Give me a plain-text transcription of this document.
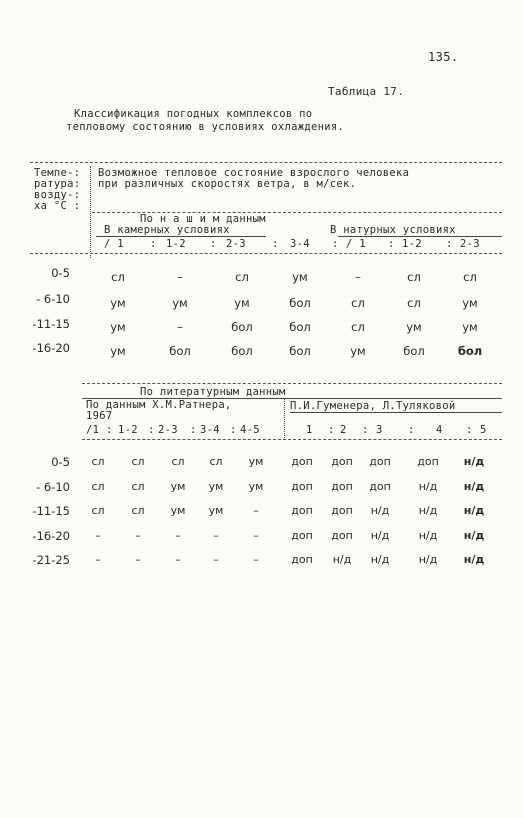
135.
Таблица 17.
Классификация погодных комплексов по
тепловому состоянию в условиях охлаждения.
Темпе-:
ратура:
возду-:
ха °С :
Возможное тепловое состояние взрослого человека
при различных скоростях ветра, в м/сек.
По н а ш и м данным
В камерных условиях	В натурных условиях
/ 1	1-2	2-3	3-4	/ 1	1-2	2-3
:	:	:	:	:	:
0-5	сл	–	сл	ум	–	сл	сл
- 6-10	ум	ум	ум	бол	сл	сл	ум
-11-15	ум	–	бол	бол	сл	ум	ум
-16-20	ум	бол	бол	бол	ум	бол	бол
По литературным данным
По данным Х.М.Ратнера,
1967
П.И.Гуменера, Л.Туляковой
/1 1-2 2-3 3-4 4-5	1	2	3	4	5
:	:	:	:	:	:	:	:
0-5	сл	сл	сл	сл	ум	доп	доп	доп	доп	н/д
- 6-10	сл	сл	ум	ум	ум	доп	доп	доп	н/д	н/д
-11-15	сл	сл	ум	ум	–	доп	доп	н/д	н/д	н/д
-16-20	–	–	–	–	–	доп	доп	н/д	н/д	н/д
-21-25	–	–	–	–	–	доп	н/д	н/д	н/д	н/д
